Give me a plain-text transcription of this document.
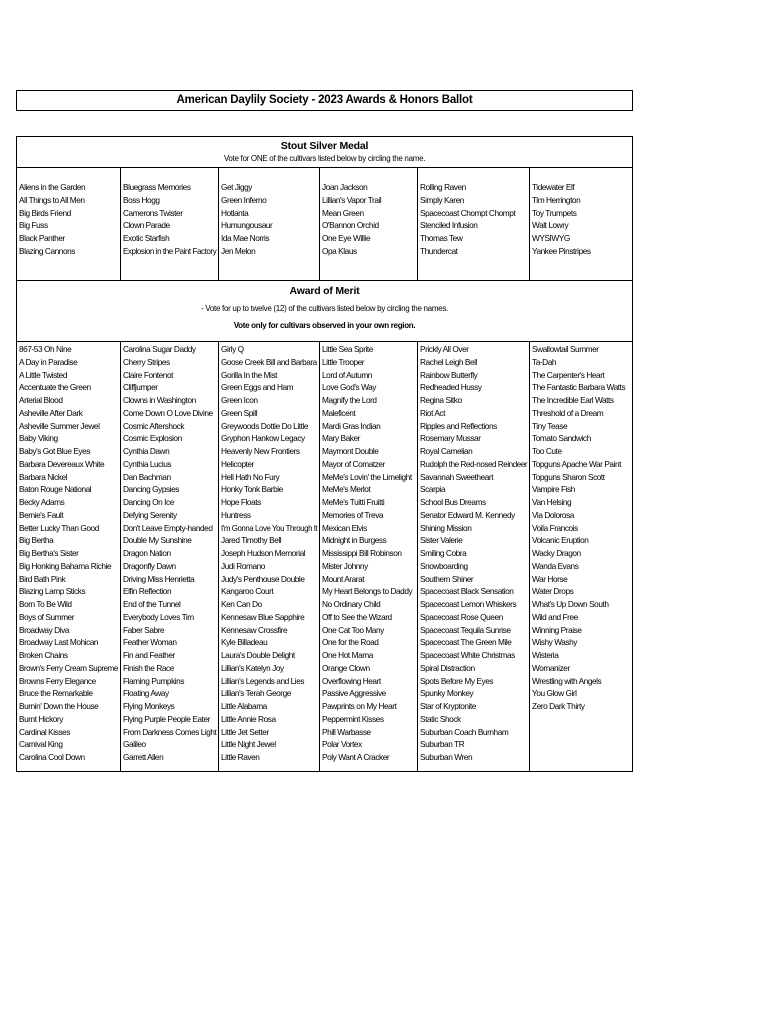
American Daylily Society - 2023 Awards & Honors Ballot
Stout Silver Medal
Vote for ONE of the cultivars listed below by circling the name.
Aliens in the Garden
All Things to All Men
Big Birds Friend
Big Fuss
Black Panther
Blazing Cannons
Bluegrass Memories
Boss Hogg
Camerons Twister
Clown Parade
Exotic Starfish
Explosion in the Paint Factory
Get Jiggy
Green Inferno
Hotlanta
Humungousaur
Ida Mae Norris
Jen Melon
Joan Jackson
Lillian's Vapor Trail
Mean Green
O'Bannon Orchid
One Eye Willie
Opa Klaus
Rolling Raven
Simply Karen
Spacecoast Chompt Chompt
Stenciled Infusion
Thomas Tew
Thundercat
Tidewater Elf
Tim Herrington
Toy Trumpets
Walt Lowry
WYSIWYG
Yankee Pinstripes
Award of Merit
- Vote for up to twelve (12) of the cultivars listed below by circling the names.
Vote only for cultivars observed in your own region.
867-53 Oh Nine
A Day in Paradise
A Little Twisted
Accentuate the Green
Arterial Blood
Asheville After Dark
Asheville Summer Jewel
Baby Viking
Baby's Got Blue Eyes
Barbara Devereaux White
Barbara Nickel
Baton Rouge National
Becky Adams
Bernie's Fault
Better Lucky Than Good
Big Bertha
Big Bertha's Sister
Big Honking Bahama Richie
Bird Bath Pink
Blazing Lamp Sticks
Born To Be Wild
Boys of Summer
Broadway Diva
Broadway Last Mohican
Broken Chains
Brown's Ferry Cream Supreme
Browns Ferry Elegance
Bruce the Remarkable
Burnin' Down the House
Burnt Hickory
Cardinal Kisses
Carnival King
Carolina Cool Down
Carolina Sugar Daddy
Cherry Stripes
Claire Fontenot
Cliffjumper
Clowns in Washington
Come Down O Love Divine
Cosmic Aftershock
Cosmic Explosion
Cynthia Dawn
Cynthia Lucius
Dan Bachman
Dancing Gypsies
Dancing On Ice
Defying Serenity
Don't Leave Empty-handed
Double My Sunshine
Dragon Nation
Dragonfly Dawn
Driving Miss Henrietta
Elfin Reflection
End of the Tunnel
Everybody Loves Tim
Faber Sabre
Feather Woman
Fin and Feather
Finish the Race
Flaming Pumpkins
Floating Away
Flying Monkeys
Flying Purple People Eater
From Darkness Comes Light
Galileo
Garrett Allen
Girly Q
Goose Creek Bill and Barbara
Gorilla In the Mist
Green Eggs and Ham
Green Icon
Green Spill
Greywoods Dottie Do Little
Gryphon Hankow Legacy
Heavenly New Frontiers
Helicopter
Hell Hath No Fury
Honky Tonk Barbie
Hope Floats
Huntress
I'm Gonna Love You Through It
Jared Timothy Bell
Joseph Hudson Memorial
Judi Romano
Judy's Penthouse Double
Kangaroo Court
Ken Can Do
Kennesaw Blue Sapphire
Kennesaw Crossfire
Kyle Billadeau
Laura's Double Delight
Lillian's Katelyn Joy
Lillian's Legends and Lies
Lillian's Terah George
Little Alabama
Little Annie Rosa
Little Jet Setter
Little Night Jewel
Little Raven
Little Sea Sprite
Little Trooper
Lord of Autumn
Love God's Way
Magnify the Lord
Maleficent
Mardi Gras Indian
Mary Baker
Maymont Double
Mayor of Cornatzer
MeMe's Lovin' the Limelight
MeMe's Merlot
MeMe's Tuitti Fruitti
Memories of Treva
Mexican Elvis
Midnight in Burgess
Mississippi Bill Robinson
Mister Johnny
Mount Ararat
My Heart Belongs to Daddy
No Ordinary Child
Off to See the Wizard
One Cat Too Many
One for the Road
One Hot Mama
Orange Clown
Overflowing Heart
Passive Aggressive
Pawprints on My Heart
Peppermint Kisses
Phill Warbasse
Polar Vortex
Poly Want A Cracker
Prickly All Over
Rachel Leigh Bell
Rainbow Butterfly
Redheaded Hussy
Regina Sitko
Riot Act
Ripples and Reflections
Rosemary Mussar
Royal Camelian
Rudolph the Red-nosed Reindeer
Savannah Sweetheart
Scarpia
School Bus Dreams
Senator Edward M. Kennedy
Shining Mission
Sister Valerie
Smiling Cobra
Snowboarding
Southern Shiner
Spacecoast Black Sensation
Spacecoast Lemon Whiskers
Spacecoast Rose Queen
Spacecoast Tequila Sunrise
Spacecoast The Green Mile
Spacecoast White Christmas
Spiral Distraction
Spots Before My Eyes
Spunky Monkey
Star of Kryptonite
Static Shock
Suburban Coach Burnham
Suburban TR
Suburban Wren
Swallowtail Summer
Ta-Dah
The Carpenter's Heart
The Fantastic Barbara Watts
The Incredible Earl Watts
Threshold of a Dream
Tiny Tease
Tomato Sandwich
Too Cute
Topguns Apache War Paint
Topguns Sharon Scott
Vampire Fish
Van Helsing
Via Dolorosa
Voila Francois
Volcanic Eruption
Wacky Dragon
Wanda Evans
War Horse
Water Drops
What's Up Down South
Wild and Free
Winning Praise
Wishy Washy
Wisteria
Womanizer
Wrestling with Angels
You Glow Girl
Zero Dark Thirty
